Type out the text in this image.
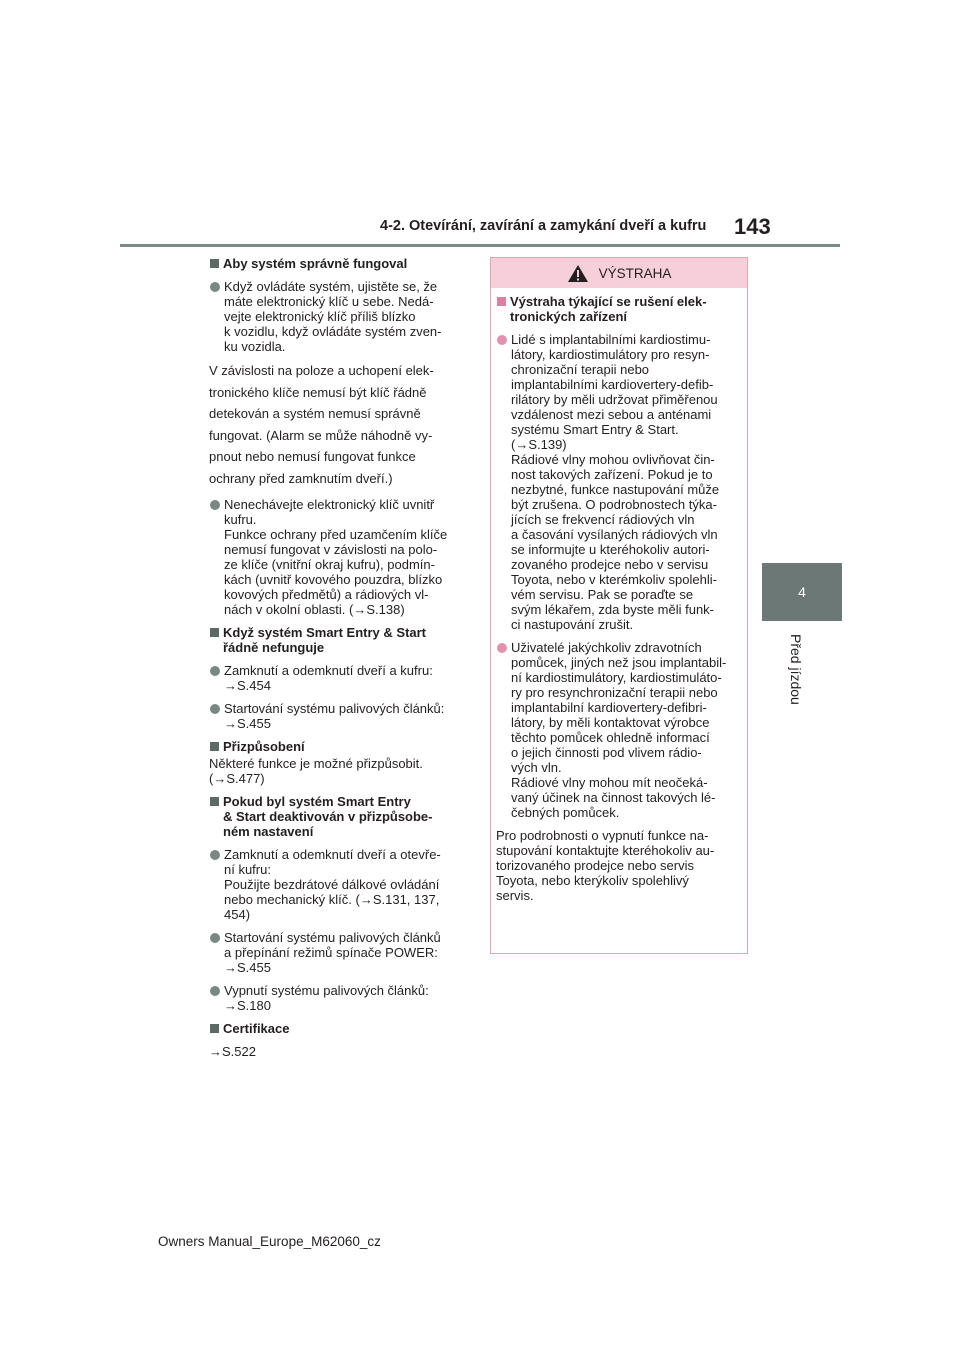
4-2. Otevírání, zavírání a zamykání dveří a kufru 143
4
Před jízdou
Aby systém správně fungoval
Když ovládáte systém, ujistěte se, že
máte elektronický klíč u sebe. Nedá-
vejte elektronický klíč příliš blízko
k vozidlu, když ovládáte systém zven-
ku vozidla.
V závislosti na poloze a uchopení elek-
tronického klíče nemusí být klíč řádně
detekován a systém nemusí správně
fungovat. (Alarm se může náhodně vy-
pnout nebo nemusí fungovat funkce
ochrany před zamknutím dveří.)
Nenechávejte elektronický klíč uvnitř
kufru.
Funkce ochrany před uzamčením klíče
nemusí fungovat v závislosti na polo-
ze klíče (vnitřní okraj kufru), podmín-
kách (uvnitř kovového pouzdra, blízko
kovových předmětů) a rádiových vl-
nách v okolní oblasti. (→S.138)
Když systém Smart Entry & Start
řádně nefunguje
Zamknutí a odemknutí dveří a kufru:
→S.454
Startování systému palivových článků:
→S.455
Přizpůsobení
Některé funkce je možné přizpůsobit.
(→S.477)
Pokud byl systém Smart Entry
& Start deaktivován v přizpůsobe-
ném nastavení
Zamknutí a odemknutí dveří a otevře-
ní kufru:
Použijte bezdrátové dálkové ovládání
nebo mechanický klíč. (→S.131, 137,
454)
Startování systému palivových článků
a přepínání režimů spínače POWER:
→S.455
Vypnutí systému palivových článků:
→S.180
Certifikace
→S.522
VÝSTRAHA
Výstraha týkající se rušení elek-
tronických zařízení
Lidé s implantabilními kardiostimu-
látory, kardiostimulátory pro resyn-
chronizační terapii nebo
implantabilními kardiovertery-defib-
rilátory by měli udržovat přiměřenou
vzdálenost mezi sebou a anténami
systému Smart Entry & Start.
(→S.139)
Rádiové vlny mohou ovlivňovat čin-
nost takových zařízení. Pokud je to
nezbytné, funkce nastupování může
být zrušena. O podrobnostech týka-
jících se frekvencí rádiových vln
a časování vysílaných rádiových vln
se informujte u kteréhokoliv autori-
zovaného prodejce nebo v servisu
Toyota, nebo v kterémkoliv spolehli-
vém servisu. Pak se poraďte se
svým lékařem, zda byste měli funk-
ci nastupování zrušit.
Uživatelé jakýchkoliv zdravotních
pomůcek, jiných než jsou implantabil-
ní kardiostimulátory, kardiostimuláto-
ry pro resynchronizační terapii nebo
implantabilní kardiovertery-defibri-
látory, by měli kontaktovat výrobce
těchto pomůcek ohledně informací
o jejich činnosti pod vlivem rádio-
vých vln.
Rádiové vlny mohou mít neočeká-
vaný účinek na činnost takových lé-
čebných pomůcek.
Pro podrobnosti o vypnutí funkce na-
stupování kontaktujte kteréhokoliv au-
torizovaného prodejce nebo servis
Toyota, nebo kterýkoliv spolehlivý
servis.
Owners Manual_Europe_M62060_cz
